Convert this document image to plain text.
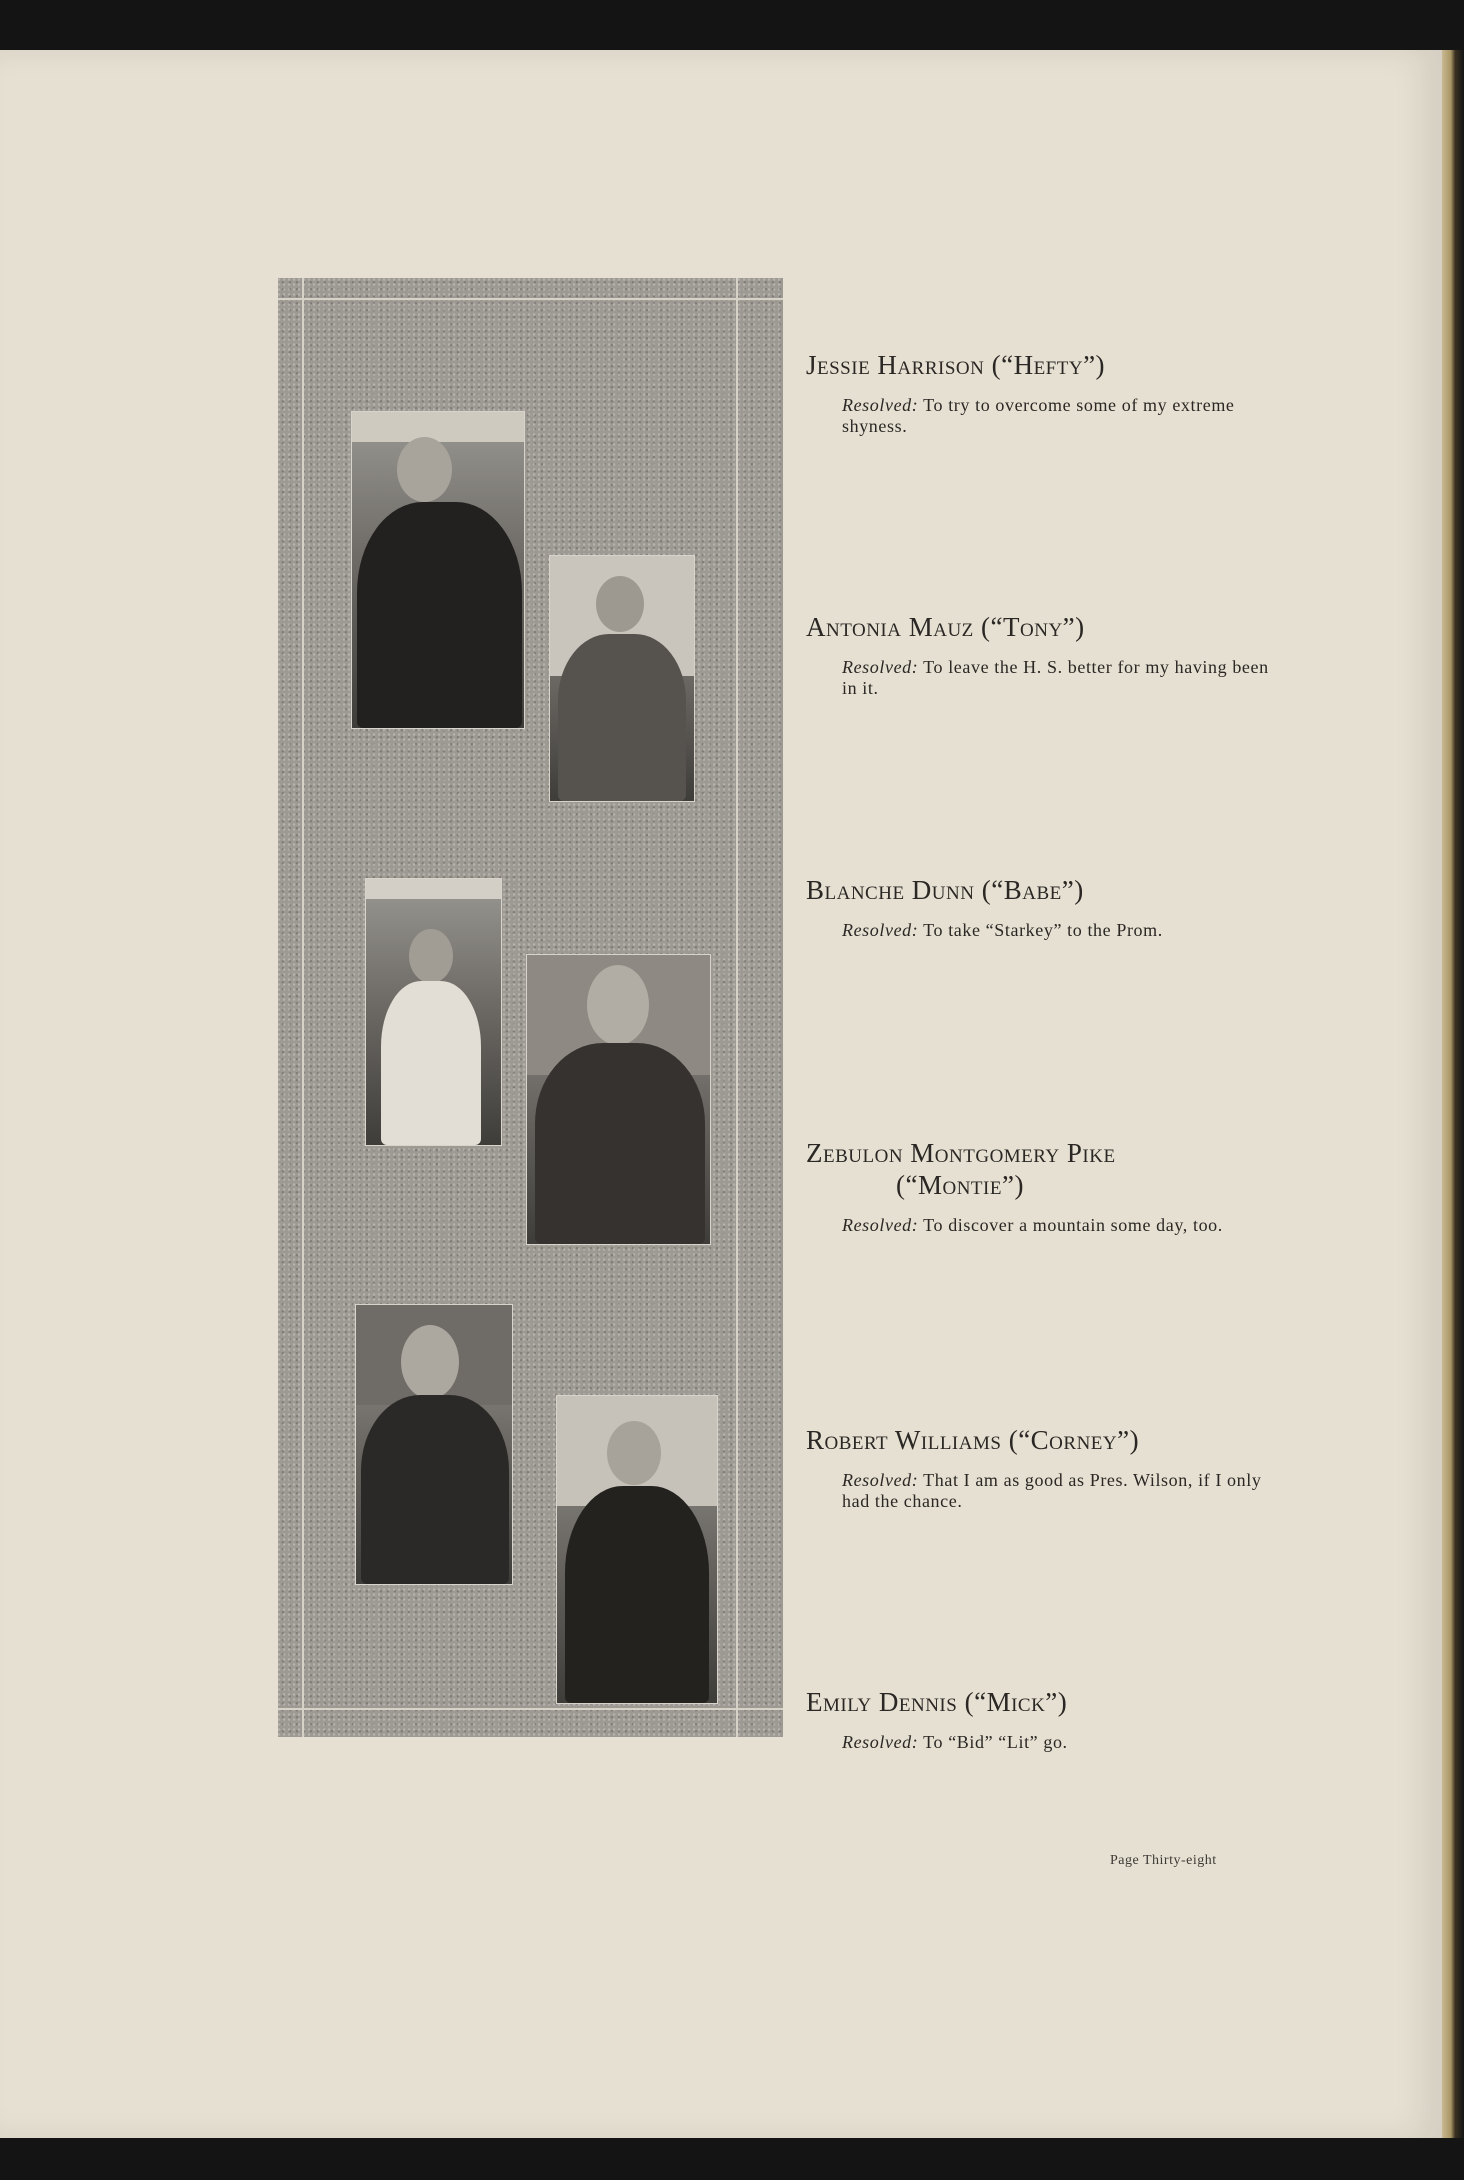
Jessie Harrison (“Hefty”)

Resolved: To try to overcome some of my extreme shyness.

Antonia Mauz (“Tony”)

Resolved: To leave the H. S. better for my having been in it.

Blanche Dunn (“Babe”)

Resolved: To take “Starkey” to the Prom.

Zebulon Montgomery Pike
(“Montie”)

Resolved: To discover a mountain some day, too.

Robert Williams (“Corney”)

Resolved: That I am as good as Pres. Wilson, if I only had the chance.

Emily Dennis (“Mick”)

Resolved: To “Bid” “Lit” go.

Page Thirty-eight
